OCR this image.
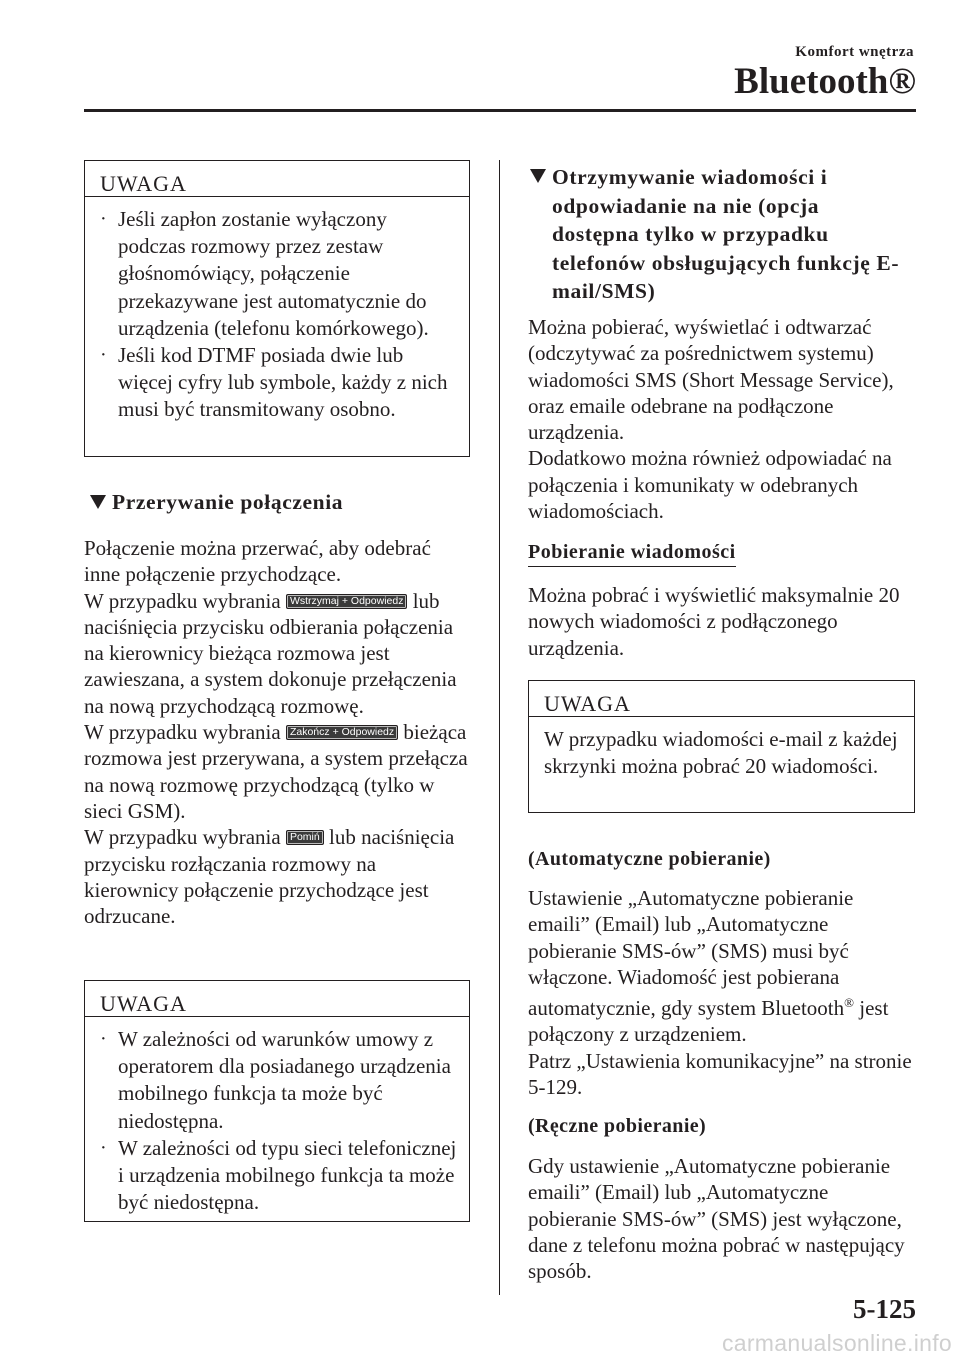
Komfort wnętrza
Bluetooth®
UWAGA
· Jeśli zapłon zostanie wyłączony podczas rozmowy przez zestaw głośnomówiący, połączenie przekazywane jest automatycznie do urządzenia (telefonu komórkowego).
· Jeśli kod DTMF posiada dwie lub więcej cyfry lub symbole, każdy z nich musi być transmitowany osobno.
Przerywanie połączenia
Połączenie można przerwać, aby odebrać inne połączenie przychodzące.
W przypadku wybrania Wstrzymaj + Odpowiedz lub naciśnięcia przycisku odbierania połączenia na kierownicy bieżąca rozmowa jest zawieszana, a system dokonuje przełączenia na nową przychodzącą rozmowę.
W przypadku wybrania Zakończ + Odpowiedz bieżąca rozmowa jest przerywana, a system przełącza na nową rozmowę przychodzącą (tylko w sieci GSM).
W przypadku wybrania Pomiń lub naciśnięcia przycisku rozłączania rozmowy na kierownicy połączenie przychodzące jest odrzucane.
UWAGA
· W zależności od warunków umowy z operatorem dla posiadanego urządzenia mobilnego funkcja ta może być niedostępna.
· W zależności od typu sieci telefonicznej i urządzenia mobilnego funkcja ta może być niedostępna.
Otrzymywanie wiadomości i odpowiadanie na nie (opcja dostępna tylko w przypadku telefonów obsługujących funkcję E-mail/SMS)
Można pobierać, wyświetlać i odtwarzać (odczytywać za pośrednictwem systemu) wiadomości SMS (Short Message Service), oraz emaile odebrane na podłączone urządzenia.
Dodatkowo można również odpowiadać na połączenia i komunikaty w odebranych wiadomościach.
Pobieranie wiadomości
Można pobrać i wyświetlić maksymalnie 20 nowych wiadomości z podłączonego urządzenia.
UWAGA
W przypadku wiadomości e-mail z każdej skrzynki można pobrać 20 wiadomości.
(Automatyczne pobieranie)
Ustawienie „Automatyczne pobieranie emaili” (Email) lub „Automatyczne pobieranie SMS-ów” (SMS) musi być włączone. Wiadomość jest pobierana automatycznie, gdy system Bluetooth® jest połączony z urządzeniem.
Patrz „Ustawienia komunikacyjne” na stronie 5-129.
(Ręczne pobieranie)
Gdy ustawienie „Automatyczne pobieranie emaili” (Email) lub „Automatyczne pobieranie SMS-ów” (SMS) jest wyłączone, dane z telefonu można pobrać w następujący sposób.
5-125
carmanualsonline.info
